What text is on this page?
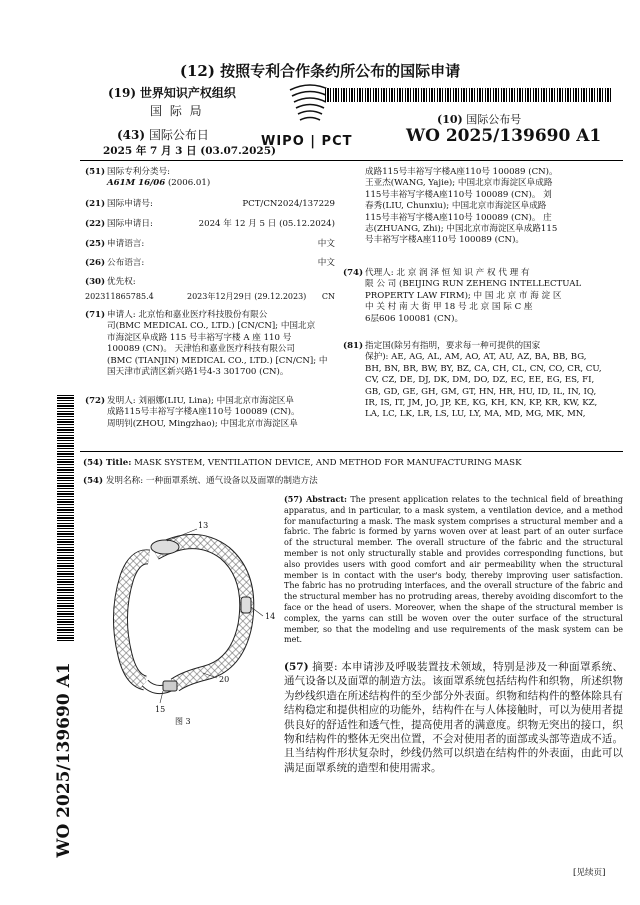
(12) 按照专利合作条约所公布的国际申请
(19) 世界知识产权组织
国 际 局
(43) 国际公布日
2025 年 7 月 3 日 (03.07.2025)
WIPO | PCT
(10) 国际公布号
WO 2025/139690 A1
WO 2025/139690 A1
(51) 国际专利分类号:
A61M 16/06 (2006.01)
(21) 国际申请号:	PCT/CN2024/137229
(22) 国际申请日:	2024 年 12 月 5 日 (05.12.2024)
(25) 申请语言:	中文
(26) 公布语言:	中文
(30) 优先权:
202311865785.4	2023年12月29日 (29.12.2023) CN
(71) 申请人: 北京怡和嘉业医疗科技股份有限公
司(BMC MEDICAL CO., LTD.) [CN/CN]; 中国北京
市海淀区阜成路 115 号丰裕写字楼 A 座 110 号
100089 (CN)。 天津怡和嘉业医疗科技有限公司
(BMC (TIANJIN) MEDICAL CO., LTD.) [CN/CN]; 中
国天津市武清区新兴路1号4-3 301700 (CN)。
(72) 发明人: 刘丽娜(LIU, Lina); 中国北京市海淀区阜
成路115号丰裕写字楼A座110号 100089 (CN)。
周明钊(ZHOU, Mingzhao); 中国北京市海淀区阜
成路115号丰裕写字楼A座110号 100089 (CN)。
王亚杰(WANG, Yajie); 中国北京市海淀区阜成路
115号丰裕写字楼A座110号 100089 (CN)。 刘
春秀(LIU, Chunxiu); 中国北京市海淀区阜成路
115号丰裕写字楼A座110号 100089 (CN)。 庄
志(ZHUANG, Zhi); 中国北京市海淀区阜成路115
号丰裕写字楼A座110号 100089 (CN)。
(74) 代理人: 北 京 润 泽 恒 知 识 产 权 代 理 有
限 公 司 (BEIJING RUN ZEHENG INTELLECTUAL
PROPERTY LAW FIRM); 中 国 北 京 市 海 淀 区
中 关 村 南 大 街 甲 18 号 北 京 国 际 C 座
6层606 100081 (CN)。
(81) 指定国(除另有指明，要求每一种可提供的国家
保护): AE, AG, AL, AM, AO, AT, AU, AZ, BA, BB, BG,
BH, BN, BR, BW, BY, BZ, CA, CH, CL, CN, CO, CR, CU,
CV, CZ, DE, DJ, DK, DM, DO, DZ, EC, EE, EG, ES, FI,
GB, GD, GE, GH, GM, GT, HN, HR, HU, ID, IL, IN, IQ,
IR, IS, IT, JM, JO, JP, KE, KG, KH, KN, KP, KR, KW, KZ,
LA, LC, LK, LR, LS, LU, LY, MA, MD, MG, MK, MN,
(54) Title: MASK SYSTEM, VENTILATION DEVICE, AND METHOD FOR MANUFACTURING MASK
(54) 发明名称: 一种面罩系统、通气设备以及面罩的制造方法
13
14
20
15
图 3
(57) Abstract: The present application relates to the technical field of breathing apparatus, and in particular, to a mask system, a ventilation device, and a method for manufacturing a mask. The mask system comprises a structural member and a fabric. The fabric is formed by yarns woven over at least part of an outer surface of the structural member. The overall structure of the fabric and the structural member is not only structurally stable and provides corresponding functions, but also provides users with good comfort and air permeability when the structural member is in contact with the user's body, thereby improving user satisfaction. The fabric has no protruding interfaces, and the overall structure of the fabric and the structural member has no protruding areas, thereby avoiding discomfort to the face or the head of users. Moreover, when the shape of the structural member is complex, the yarns can still be woven over the outer surface of the structural member, so that the modeling and use requirements of the mask system can be met.
(57) 摘要: 本申请涉及呼吸装置技术领域，特别是涉及一种面罩系统、通气设备以及面罩的制造方法。该面罩系统包括结构件和织物，所述织物为纱线织造在所述结构件的至少部分外表面。织物和结构件的整体除具有结构稳定和提供相应的功能外，结构件在与人体接触时，可以为使用者提供良好的舒适性和透气性，提高使用者的满意度。织物无突出的接口，织物和结构件的整体无突出位置，不会对使用者的面部或头部等造成不适。且当结构件形状复杂时，纱线仍然可以织造在结构件的外表面，由此可以满足面罩系统的造型和使用需求。
[见续页]
